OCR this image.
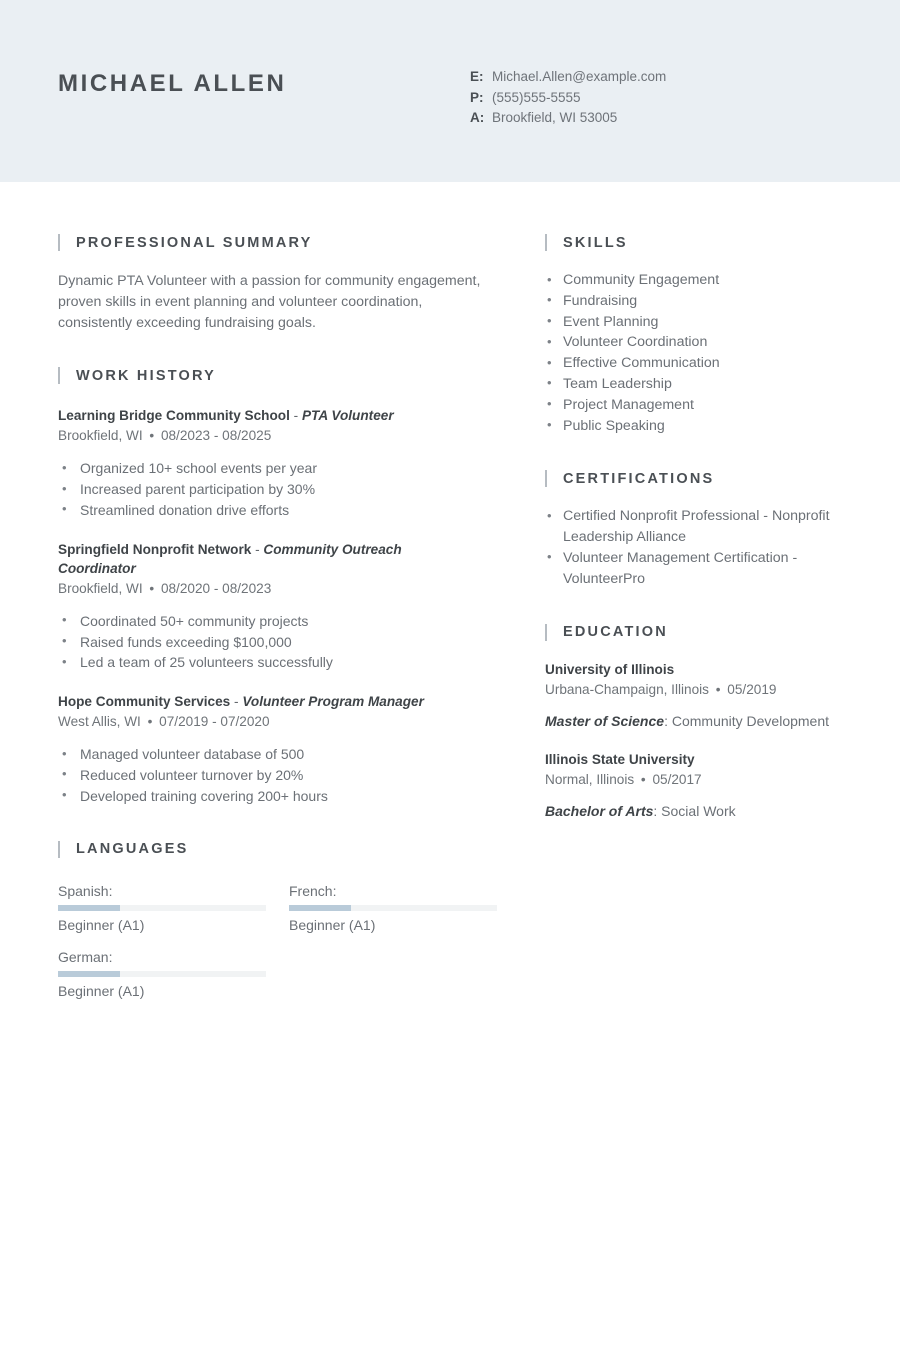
MICHAEL ALLEN	E: Michael.Allen@example.com
P: (555)555-5555
A: Brookfield, WI 53005
PROFESSIONAL SUMMARY
Dynamic PTA Volunteer with a passion for community engagement, proven skills in event planning and volunteer coordination, consistently exceeding fundraising goals.
WORK HISTORY
Learning Bridge Community School - PTA Volunteer
Brookfield, WI • 08/2023 - 08/2025
• Organized 10+ school events per year
• Increased parent participation by 30%
• Streamlined donation drive efforts
Springfield Nonprofit Network - Community Outreach Coordinator
Brookfield, WI • 08/2020 - 08/2023
• Coordinated 50+ community projects
• Raised funds exceeding $100,000
• Led a team of 25 volunteers successfully
Hope Community Services - Volunteer Program Manager
West Allis, WI • 07/2019 - 07/2020
• Managed volunteer database of 500
• Reduced volunteer turnover by 20%
• Developed training covering 200+ hours
LANGUAGES
Spanish:
Beginner (A1)
French:
Beginner (A1)
German:
Beginner (A1)
SKILLS
• Community Engagement
• Fundraising
• Event Planning
• Volunteer Coordination
• Effective Communication
• Team Leadership
• Project Management
• Public Speaking
CERTIFICATIONS
• Certified Nonprofit Professional - Nonprofit Leadership Alliance
• Volunteer Management Certification - VolunteerPro
EDUCATION
University of Illinois
Urbana-Champaign, Illinois • 05/2019
Master of Science: Community Development
Illinois State University
Normal, Illinois • 05/2017
Bachelor of Arts: Social Work
